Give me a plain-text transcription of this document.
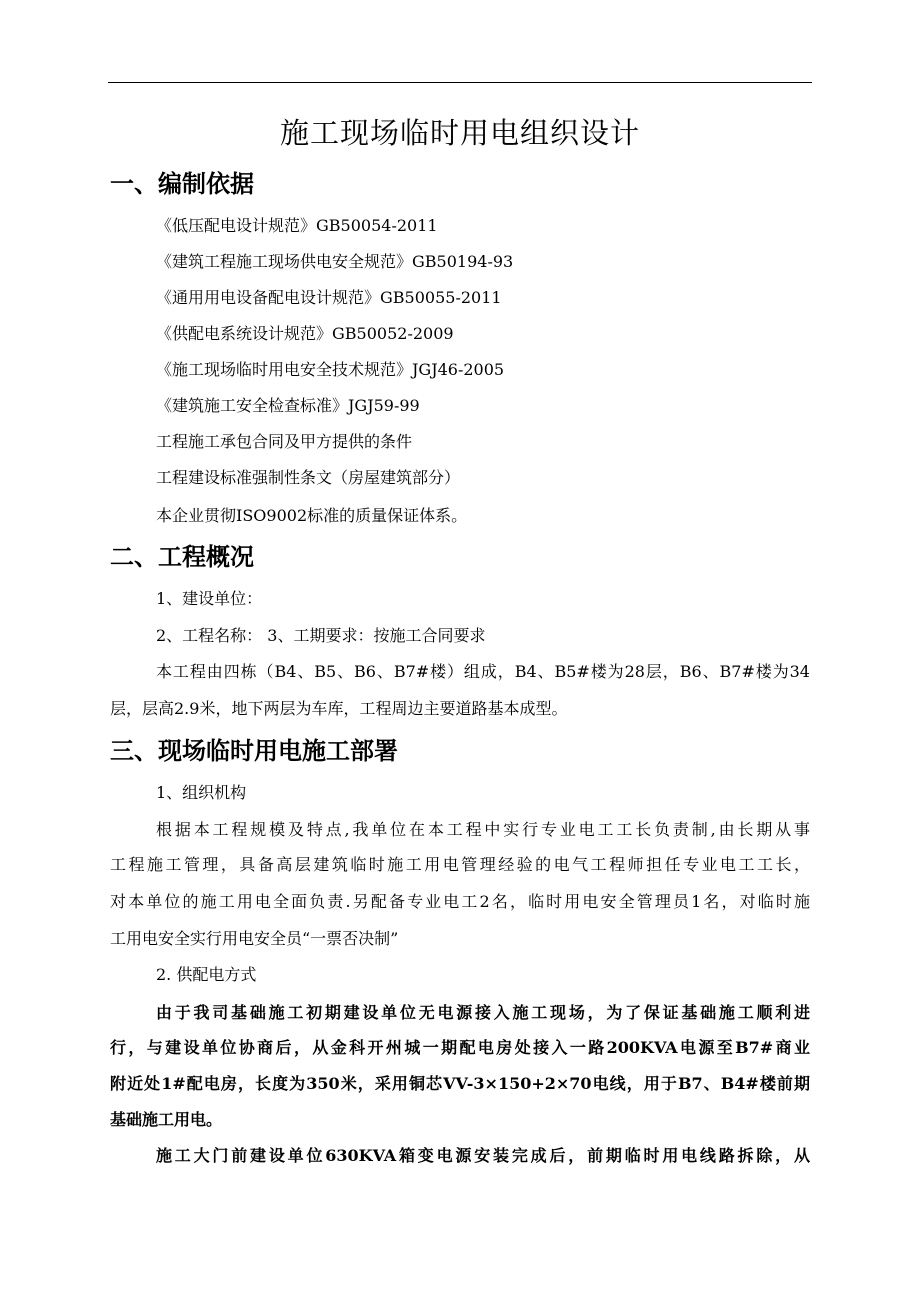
施工现场临时用电组织设计
一、编制依据
《低压配电设计规范》GB50054-2011
《建筑工程施工现场供电安全规范》GB50194-93
《通用用电设备配电设计规范》GB50055-2011
《供配电系统设计规范》GB50052-2009
《施工现场临时用电安全技术规范》JGJ46-2005
《建筑施工安全检查标准》JGJ59-99
工程施工承包合同及甲方提供的条件
工程建设标准强制性条文（房屋建筑部分）
本企业贯彻ISO9002标准的质量保证体系。
二、工程概况
1、建设单位：
2、工程名称： 3、工期要求：按施工合同要求
本工程由四栋（B4、B5、B6、B7#楼）组成，B4、B5#楼为28层，B6、B7#楼为34
层，层高2.9米，地下两层为车库，工程周边主要道路基本成型。
三、现场临时用电施工部署
1、组织机构
根据本工程规模及特点,我单位在本工程中实行专业电工工长负责制,由长期从事
工程施工管理，具备高层建筑临时施工用电管理经验的电气工程师担任专业电工工长，
对本单位的施工用电全面负责.另配备专业电工2名，临时用电安全管理员1名，对临时施
工用电安全实行用电安全员“一票否决制”
2. 供配电方式
由于我司基础施工初期建设单位无电源接入施工现场，为了保证基础施工顺利进
行，与建设单位协商后，从金科开州城一期配电房处接入一路200KVA电源至B7#商业
附近处1#配电房，长度为350米，采用铜芯VV-3×150+2×70电线，用于B7、B4#楼前期
基础施工用电。
施工大门前建设单位630KVA箱变电源安装完成后，前期临时用电线路拆除，从
